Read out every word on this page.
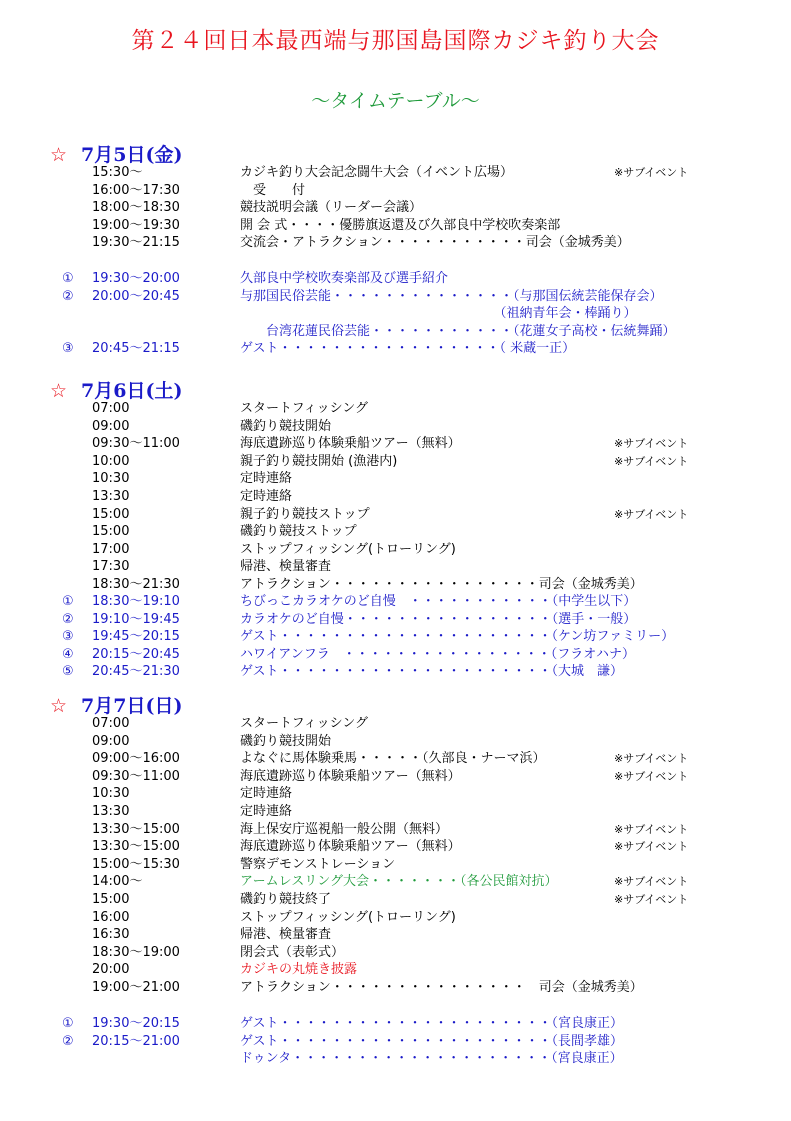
第２４回日本最西端与那国島国際カジキ釣り大会
〜タイムテーブル〜
☆ 7月5日(金)
15:30〜	カジキ釣り大会記念闘牛大会（イベント広場）	※サブイベント
16:00〜17:30	　受　　付
18:00〜18:30	競技説明会議（リーダー会議）
19:00〜19:30	開 会 式・・・・優勝旗返還及び久部良中学校吹奏楽部
19:30〜21:15	交流会・アトラクション・・・・・・・・・・・司会（金城秀美）
① 19:30〜20:00	久部良中学校吹奏楽部及び選手紹介
② 20:00〜20:45	与那国民俗芸能・・・・・・・・・・・・・・（与那国伝統芸能保存会）
　　　　　　　　　　　　　　　　　　　　（祖納青年会・棒踊り）
　　台湾花蓮民俗芸能・・・・・・・・・・・（花蓮女子高校・伝統舞踊）
③ 20:45〜21:15	ゲスト・・・・・・・・・・・・・・・・・（ 米蔵一正）
☆ 7月6日(土)
07:00	スタートフィッシング
09:00	磯釣り競技開始
09:30〜11:00	海底遺跡巡り体験乗船ツアー（無料）	※サブイベント
10:00	親子釣り競技開始 (漁港内)	※サブイベント
10:30	定時連絡
13:30	定時連絡
15:00	親子釣り競技ストップ	※サブイベント
15:00	磯釣り競技ストップ
17:00	ストップフィッシング(トローリング)
17:30	帰港、検量審査
18:30〜21:30	アトラクション・・・・・・・・・・・・・・・・司会（金城秀美）
① 18:30〜19:10	ちびっこカラオケのど自慢　・・・・・・・・・・・（中学生以下）
② 19:10〜19:45	カラオケのど自慢・・・・・・・・・・・・・・・・（選手・一般）
③ 19:45〜20:15	ゲスト・・・・・・・・・・・・・・・・・・・・・（ケン坊ファミリー）
④ 20:15〜20:45	ハワイアンフラ　・・・・・・・・・・・・・・・・（フラオハナ）
⑤ 20:45〜21:30	ゲスト・・・・・・・・・・・・・・・・・・・・・（大城　謙）
☆ 7月7日(日)
07:00	スタートフィッシング
09:00	磯釣り競技開始
09:00〜16:00	よなぐに馬体験乗馬・・・・・（久部良・ナーマ浜）	※サブイベント
09:30〜11:00	海底遺跡巡り体験乗船ツアー（無料）	※サブイベント
10:30	定時連絡
13:30	定時連絡
13:30〜15:00	海上保安庁巡視船一般公開（無料）	※サブイベント
13:30〜15:00	海底遺跡巡り体験乗船ツアー（無料）	※サブイベント
15:00〜15:30	警察デモンストレーション
14:00〜	アームレスリング大会・・・・・・・（各公民館対抗）	※サブイベント
15:00	磯釣り競技終了	※サブイベント
16:00	ストップフィッシング(トローリング)
16:30	帰港、検量審査
18:30〜19:00	閉会式（表彰式）
20:00	カジキの丸焼き披露
19:00〜21:00	アトラクション・・・・・・・・・・・・・・・　司会（金城秀美）
① 19:30〜20:15	ゲスト・・・・・・・・・・・・・・・・・・・・・（宮良康正）
② 20:15〜21:00	ゲスト・・・・・・・・・・・・・・・・・・・・・（長間孝雄）
ドゥンタ・・・・・・・・・・・・・・・・・・・・（宮良康正）
